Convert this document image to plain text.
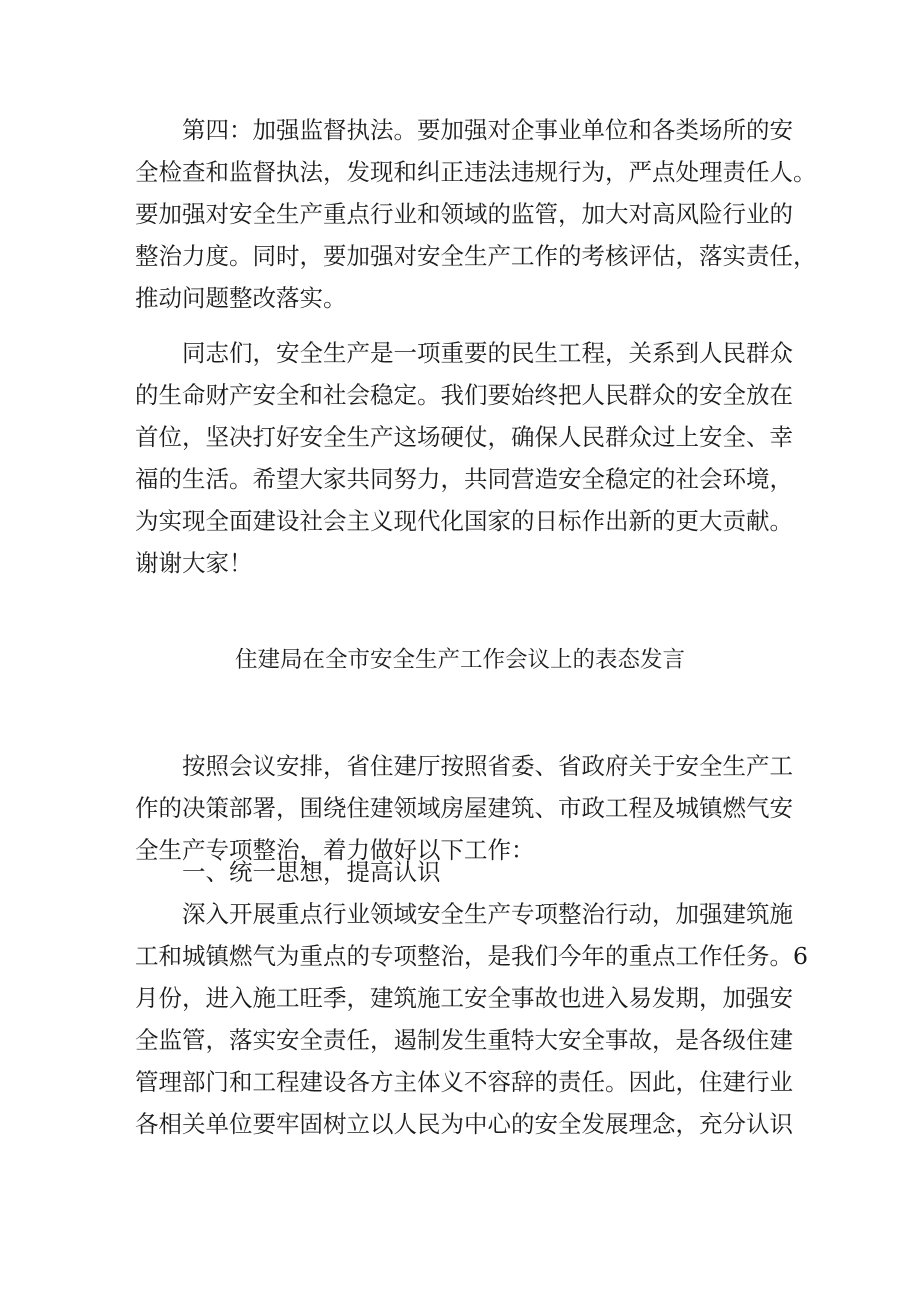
第四：加强监督执法。要加强对企事业单位和各类场所的安
全检查和监督执法，发现和纠正违法违规行为，严点处理责任人。
要加强对安全生产重点行业和领域的监管，加大对高风险行业的
整治力度。同时，要加强对安全生产工作的考核评估，落实责任，
推动问题整改落实。
同志们，安全生产是一项重要的民生工程，关系到人民群众
的生命财产安全和社会稳定。我们要始终把人民群众的安全放在
首位，坚决打好安全生产这场硬仗，确保人民群众过上安全、幸
福的生活。希望大家共同努力，共同营造安全稳定的社会环境，
为实现全面建设社会主义现代化国家的日标作出新的更大贡献。
谢谢大家！
住建局在全市安全生产工作会议上的表态发言
按照会议安排，省住建厅按照省委、省政府关于安全生产工
作的决策部署，围绕住建领域房屋建筑、市政工程及城镇燃气安
全生产专项整治，着力做好以下工作：
一、统一思想，提高认识
深入开展重点行业领域安全生产专项整治行动，加强建筑施
工和城镇燃气为重点的专项整治，是我们今年的重点工作任务。6
月份，进入施工旺季，建筑施工安全事故也进入易发期，加强安
全监管，落实安全责任，遏制发生重特大安全事故，是各级住建
管理部门和工程建设各方主体义不容辞的责任。因此，住建行业
各相关单位要牢固树立以人民为中心的安全发展理念，充分认识
